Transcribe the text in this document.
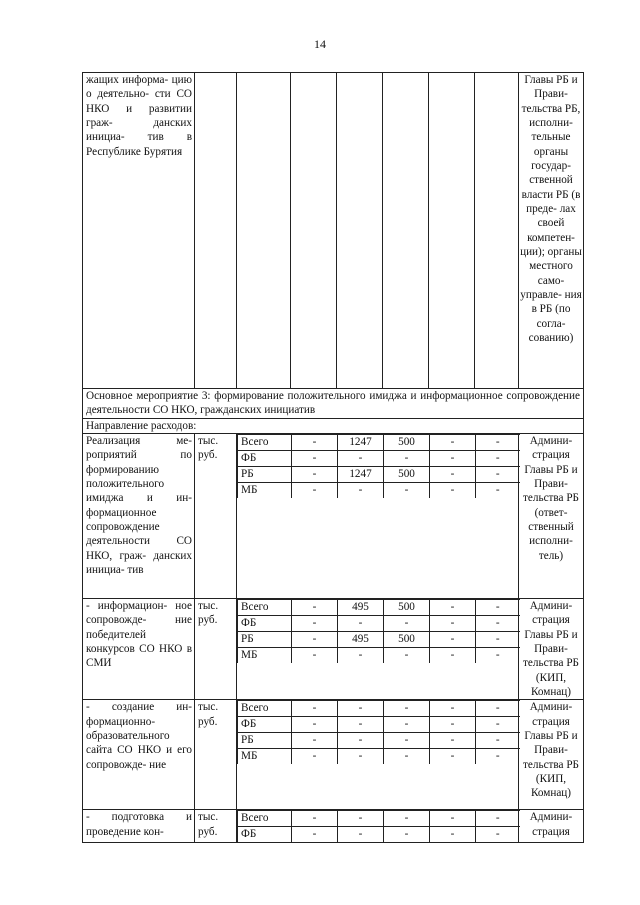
14
жащих информа- цию о деятельно- сти СО НКО и развитии граж- данских инициа- тив в Республике Бурятия								Главы РБ и Прави- тельства РБ, исполни- тельные органы государ- ственной власти РБ (в преде- лах своей компетен- ции); органы местного само- управле- ния в РБ (по согла- сованию)
Основное мероприятие 3: формирование положительного имиджа и информационное сопровождение деятельности СО НКО, гражданских инициатив
Направление расходов:
Реализация ме- роприятий по формированию положительного имиджа и ин- формационное сопровождение деятельности СО НКО, граж- данских инициа- тив	тыс. руб.	
Всего	-	1247	500	-	-
ФБ	-	-	-	-	-
РБ	-	1247	500	-	-
МБ	-	-	-	-	-
	Админи- страция Главы РБ и Прави- тельства РБ (ответ- ственный исполни- тель)
- информацион- ное сопровожде- ние победителей конкурсов СО НКО в СМИ	тыс. руб.	
Всего	-	495	500	-	-
ФБ	-	-	-	-	-
РБ	-	495	500	-	-
МБ	-	-	-	-	-
	Админи- страция Главы РБ и Прави- тельства РБ (КИП, Комнац)
- создание ин- формационно- образовательного сайта СО НКО и его сопровожде- ние	тыс. руб.	
Всего	-	-	-	-	-
ФБ	-	-	-	-	-
РБ	-	-	-	-	-
МБ	-	-	-	-	-
	Админи- страция Главы РБ и Прави- тельства РБ (КИП, Комнац)
- подготовка и проведение кон-	тыс. руб.	
Всего	-	-	-	-	-
ФБ	-	-	-	-	-
	Админи- страция
